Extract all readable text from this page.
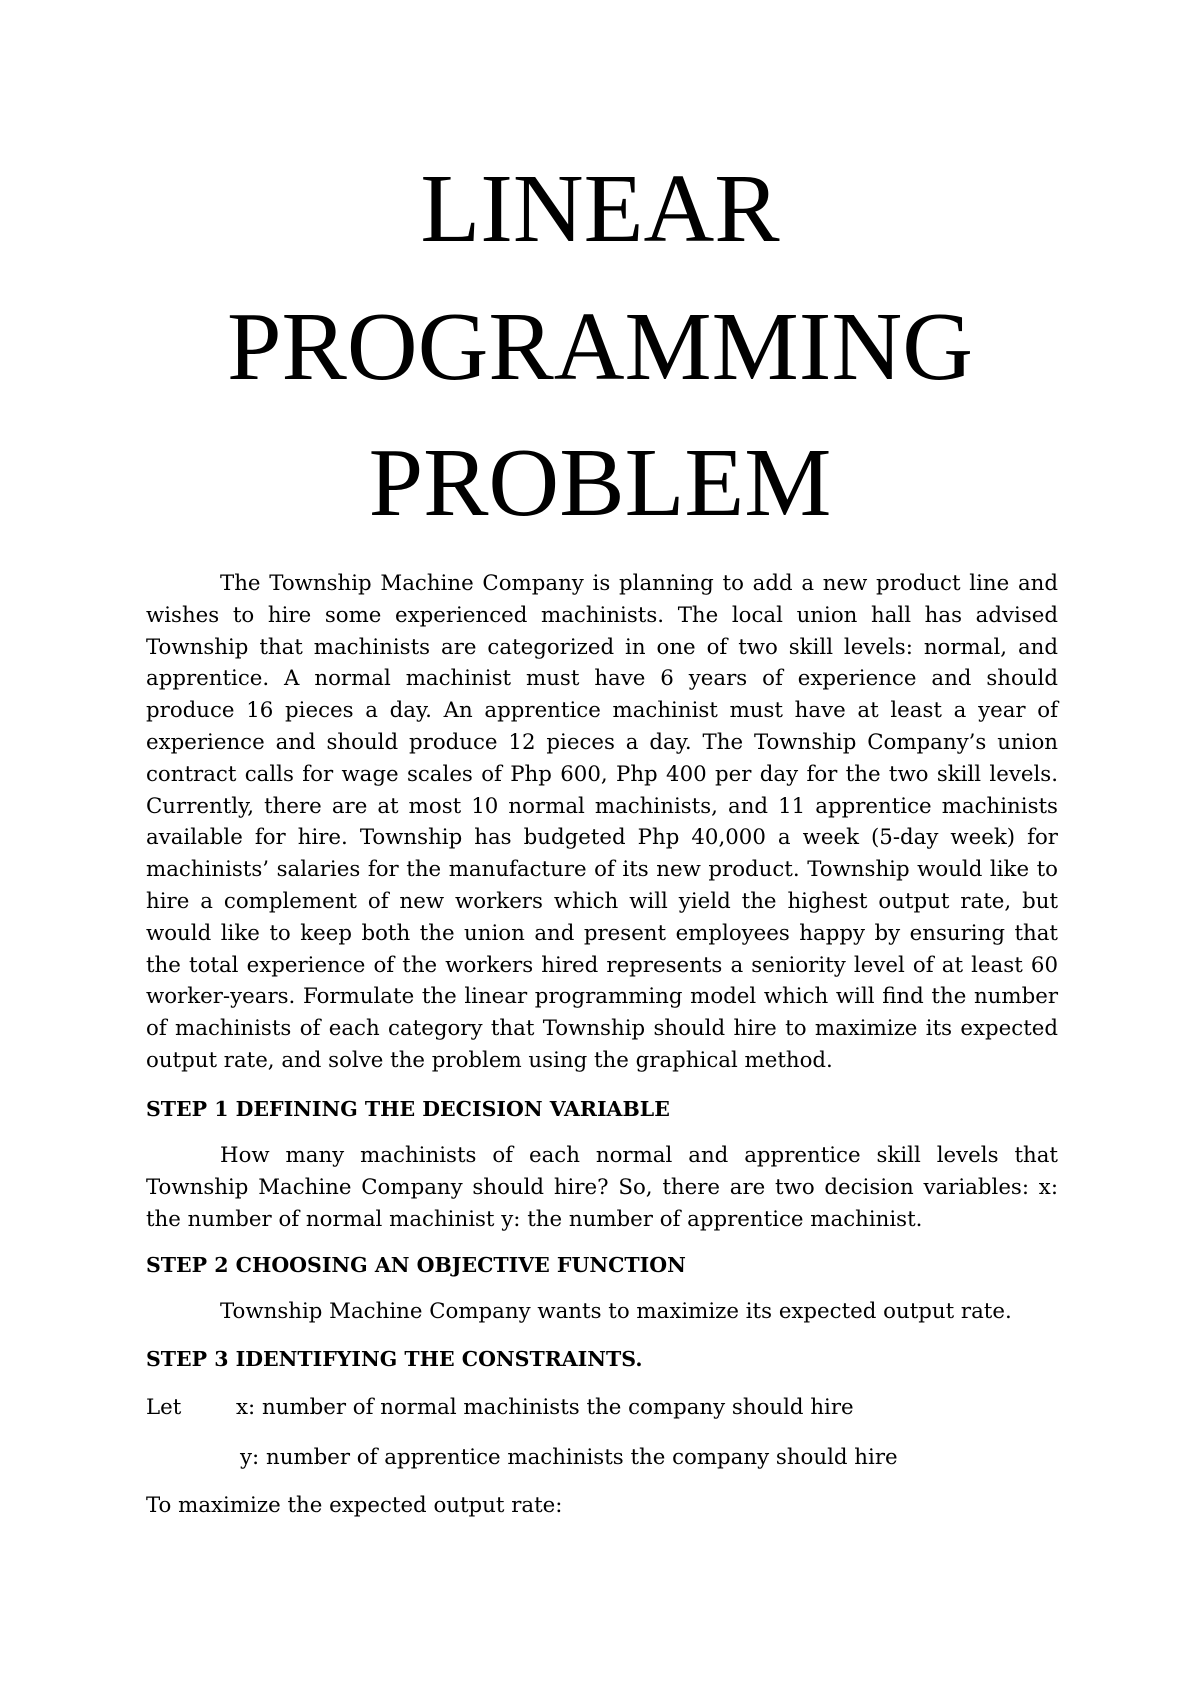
LINEAR
PROGRAMMING
PROBLEM

The Township Machine Company is planning to add a new product line and wishes to hire some experienced machinists. The local union hall has advised Township that machinists are categorized in one of two skill levels: normal, and apprentice. A normal machinist must have 6 years of experience and should produce 16 pieces a day. An apprentice machinist must have at least a year of experience and should produce 12 pieces a day. The Township Company’s union contract calls for wage scales of Php 600, Php 400 per day for the two skill levels. Currently, there are at most 10 normal machinists, and 11 apprentice machinists available for hire. Township has budgeted Php 40,000 a week (5-day week) for machinists’ salaries for the manufacture of its new product. Township would like to hire a complement of new workers which will yield the highest output rate, but would like to keep both the union and present employees happy by ensuring that the total experience of the workers hired represents a seniority level of at least 60 worker-years. Formulate the linear programming model which will find the number of machinists of each category that Township should hire to maximize its expected output rate, and solve the problem using the graphical method.

STEP 1 DEFINING THE DECISION VARIABLE

How many machinists of each normal and apprentice skill levels that Township Machine Company should hire? So, there are two decision variables: x: the number of normal machinist y: the number of apprentice machinist.

STEP 2 CHOOSING AN OBJECTIVE FUNCTION

Township Machine Company wants to maximize its expected output rate.

STEP 3 IDENTIFYING THE CONSTRAINTS.

Let	x: number of normal machinists the company should hire

y: number of apprentice machinists the company should hire

To maximize the expected output rate:
